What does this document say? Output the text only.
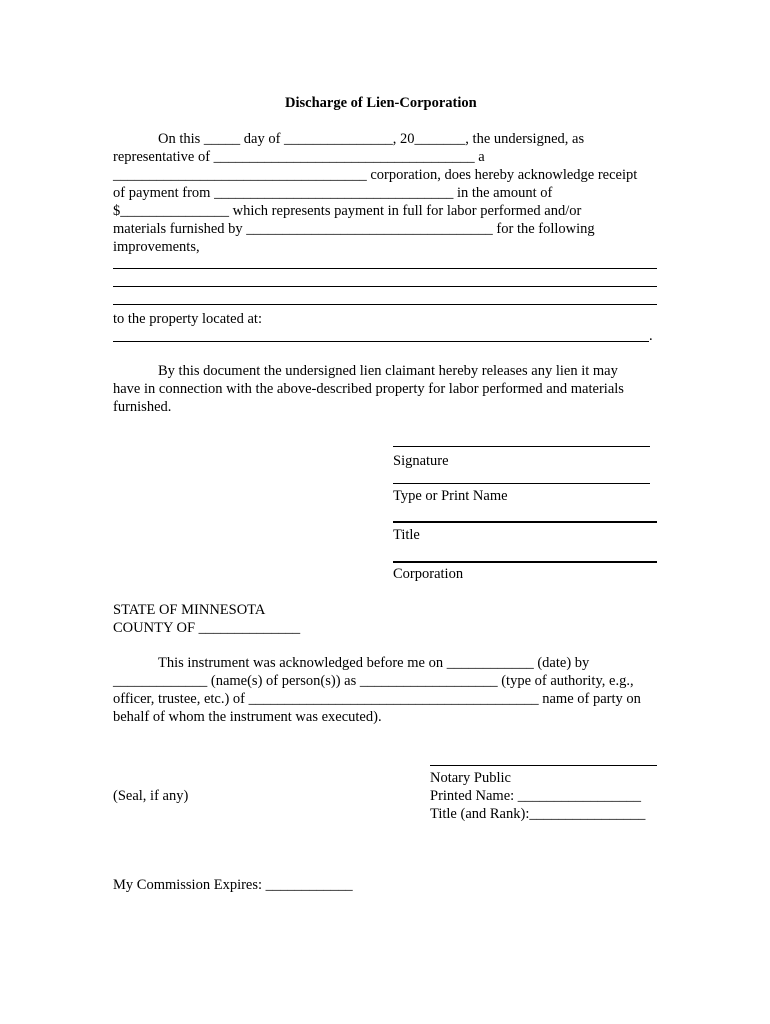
Discharge of Lien-Corporation
On this _____ day of _______________, 20_______, the undersigned, as
representative of ____________________________________ a
___________________________________ corporation, does hereby acknowledge receipt
of payment from _________________________________ in the amount of
$_______________ which represents payment in full for labor performed and/or
materials furnished by __________________________________ for the following
improvements,
to the property located at:
.
By this document the undersigned lien claimant hereby releases any lien it may
have in connection with the above-described property for labor performed and materials
furnished.
Signature
Type or Print Name
Title
Corporation
STATE OF MINNESOTA
COUNTY OF ______________
This instrument was acknowledged before me on ____________ (date) by
_____________ (name(s) of person(s)) as ___________________ (type of authority, e.g.,
officer, trustee, etc.) of ________________________________________ name of party on
behalf of whom the instrument was executed).
Notary Public
(Seal, if any)	Printed Name: _________________
Title (and Rank):________________
My Commission Expires: ____________
